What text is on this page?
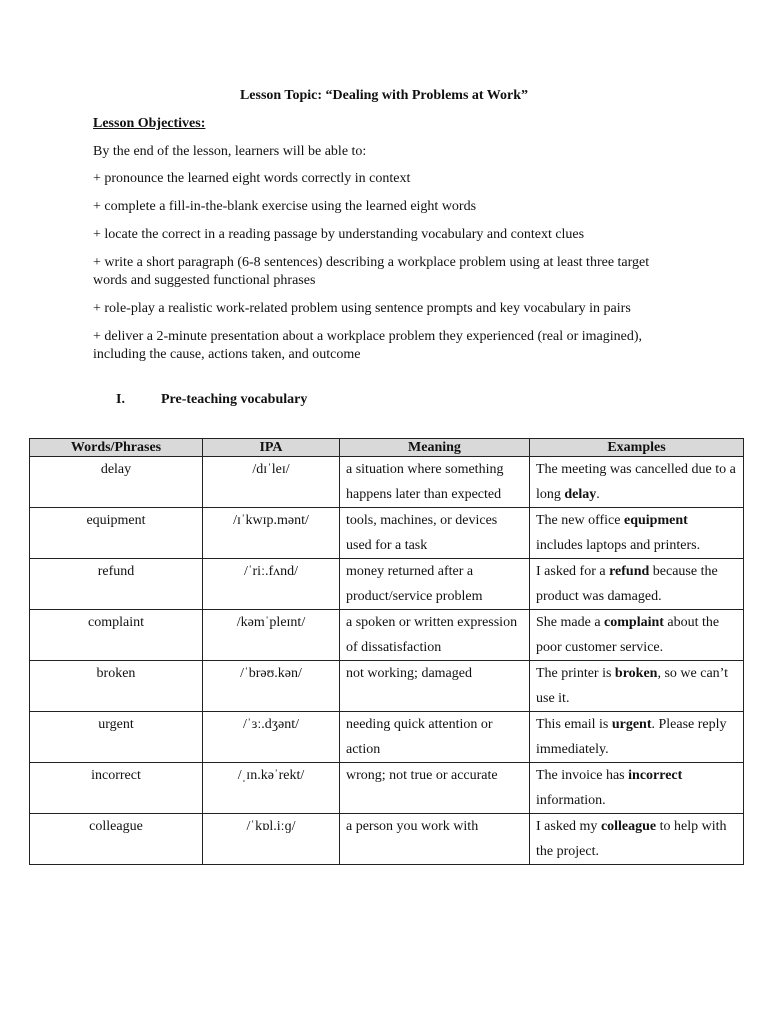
Lesson Topic: “Dealing with Problems at Work”
Lesson Objectives:
By the end of the lesson, learners will be able to:
+ pronounce the learned eight words correctly in context
+ complete a fill-in-the-blank exercise using the learned eight words
+ locate the correct in a reading passage by understanding vocabulary and context clues
+ write a short paragraph (6-8 sentences) describing a workplace problem using at least three target words and suggested functional phrases
+ role-play a realistic work-related problem using sentence prompts and key vocabulary in pairs
+ deliver a 2-minute presentation about a workplace problem they experienced (real or imagined), including the cause, actions taken, and outcome
I.	Pre-teaching vocabulary
Words/Phrases	IPA	Meaning	Examples
delay	/dɪˈleɪ/	a situation where something happens later than expected	The meeting was cancelled due to a long delay.
equipment	/ɪˈkwɪp.mənt/	tools, machines, or devices used for a task	The new office equipment includes laptops and printers.
refund	/ˈriː.fʌnd/	money returned after a product/service problem	I asked for a refund because the product was damaged.
complaint	/kəmˈpleɪnt/	a spoken or written expression of dissatisfaction	She made a complaint about the poor customer service.
broken	/ˈbrəʊ.kən/	not working; damaged	The printer is broken, so we can’t use it.
urgent	/ˈɜː.dʒənt/	needing quick attention or action	This email is urgent. Please reply immediately.
incorrect	/ˌɪn.kəˈrekt/	wrong; not true or accurate	The invoice has incorrect information.
colleague	/ˈkɒl.iːɡ/	a person you work with	I asked my colleague to help with the project.
